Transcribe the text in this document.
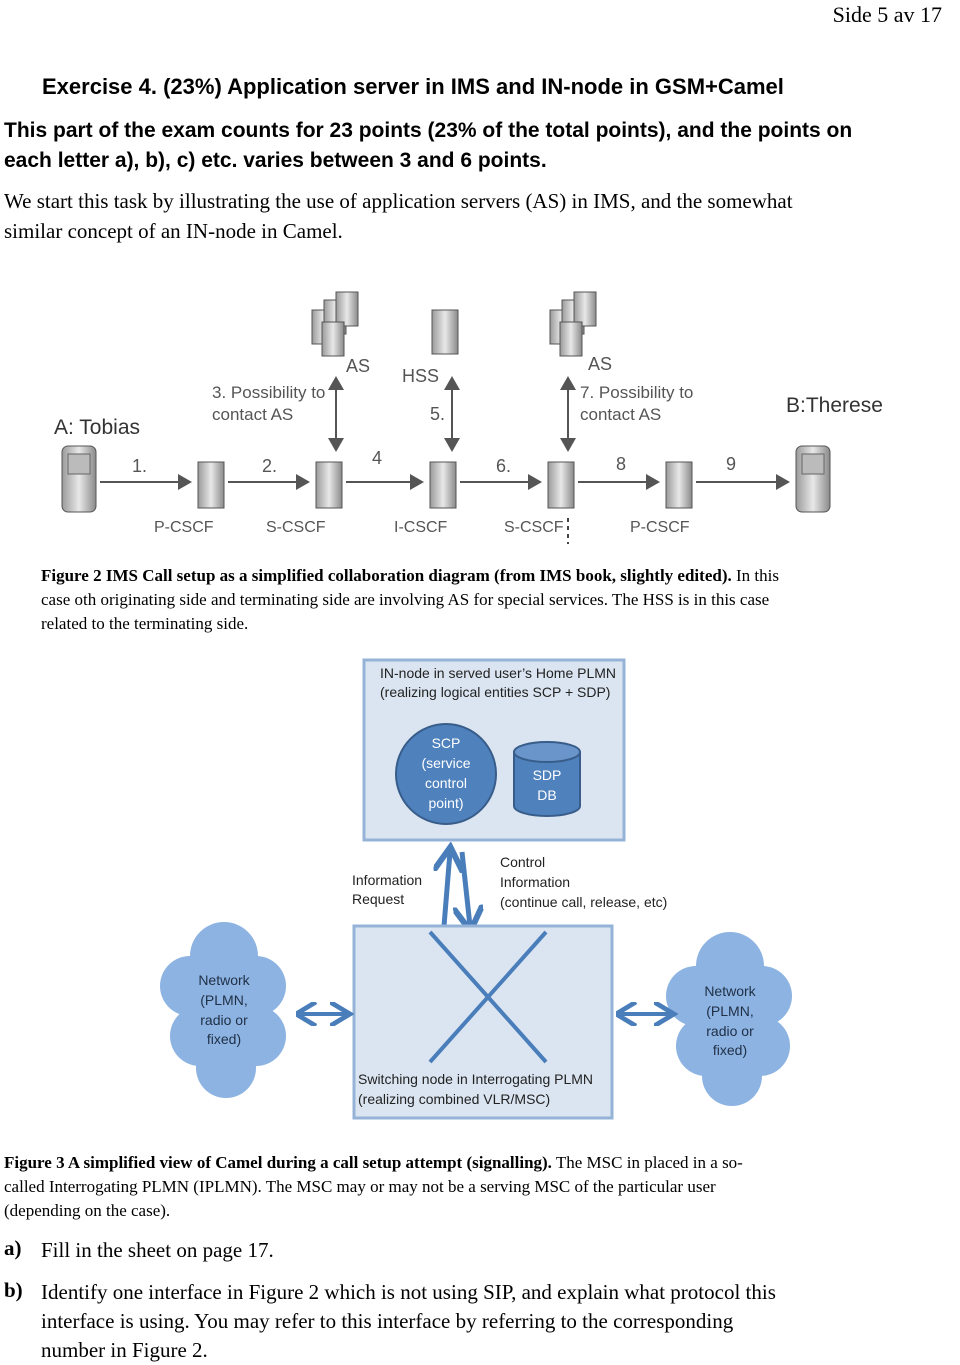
Side 5 av 17
Exercise 4. (23%) Application server in IMS and IN-node in GSM+Camel
This part of the exam counts for 23 points (23% of the total points), and the points on
each letter a), b), c) etc. varies between 3 and 6 points.
We start this task by illustrating the use of application servers (AS) in IMS, and the somewhat
similar concept of an IN-node in Camel.
AS HSS
AS
3. Possibility to
contact AS
7. Possibility to
contact AS
5.
A: Tobias
B:Therese
1.	2.	4	6.	8	9
P-CSCF	S-CSCF	I-CSCF	S-CSCF	P-CSCF
Figure 2 IMS Call setup as a simplified collaboration diagram (from IMS book, slightly edited). In this
case oth originating side and terminating side are involving AS for special services. The HSS is in this case
related to the terminating side.
IN-node in served user’s Home PLMN
(realizing logical entities SCP + SDP)
SCP
(service
control
point)
SDP
DB
Information
Request
Control
Information
(continue call, release, etc)
Switching node in Interrogating PLMN
(realizing combined VLR/MSC)
Network
(PLMN,
radio or
fixed)
Network
(PLMN,
radio or
fixed)
Figure 3 A simplified view of Camel during a call setup attempt (signalling). The MSC in placed in a so-
called Interrogating PLMN (IPLMN). The MSC may or may not be a serving MSC of the particular user
(depending on the case).
a) Fill in the sheet on page 17.
b) Identify one interface in Figure 2 which is not using SIP, and explain what protocol this
interface is using. You may refer to this interface by referring to the corresponding
number in Figure 2.
